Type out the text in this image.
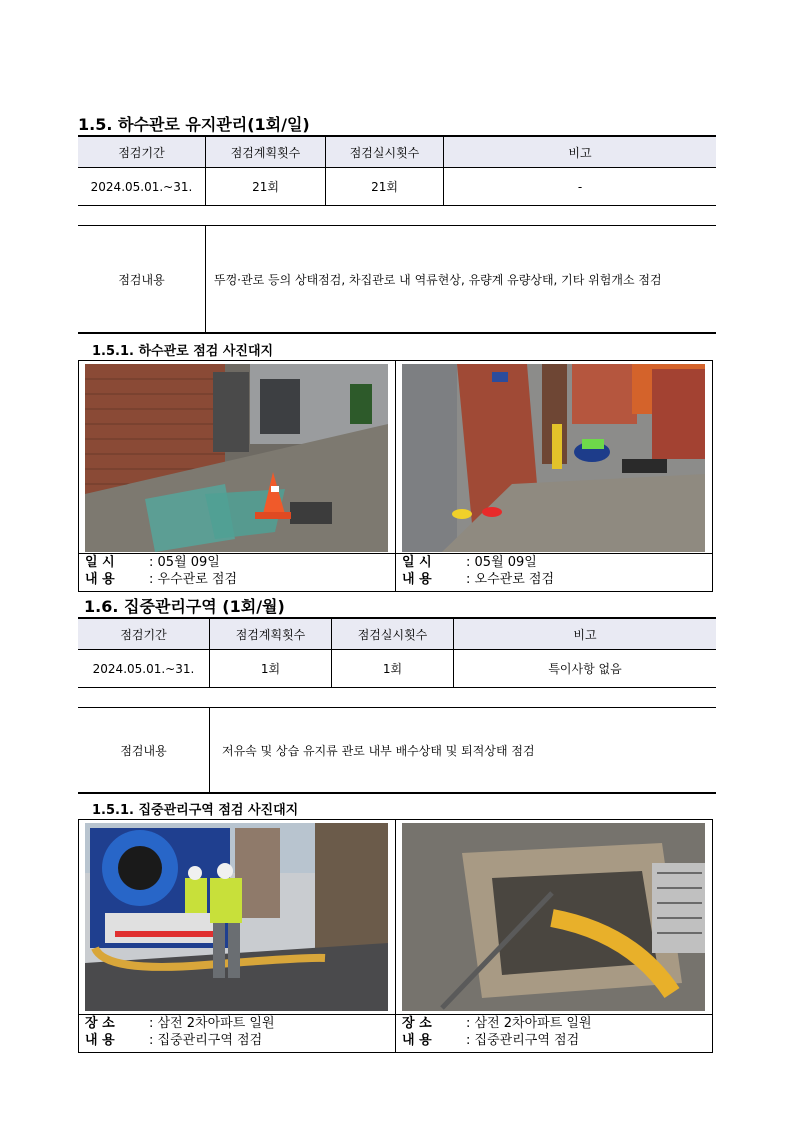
1.5. 하수관로 유지관리(1회/일)
점검기간	점검계획횟수	점검실시횟수	비고
2024.05.01.~31.	21회	21회	-
점검내용	뚜껑·관로 등의 상태점검, 차집관로 내 역류현상, 유량계 유량상태, 기타 위험개소 점검
1.5.1. 하수관로 점검 사진대지
일 시	: 05월 09일
내 용	: 우수관로 점검
일 시	: 05월 09일
내 용	: 오수관로 점검
1.6. 집중관리구역 (1회/월)
점검기간	점검계획횟수	점검실시횟수	비고
2024.05.01.~31.	1회	1회	특이사항 없음
점검내용	저유속 및 상습 유지류 관로 내부 배수상태 및 퇴적상태 점검
1.5.1. 집중관리구역 점검 사진대지
장 소	: 삼전 2차아파트 일원
내 용	: 집중관리구역 점검
장 소	: 삼전 2차아파트 일원
내 용	: 집중관리구역 점검
